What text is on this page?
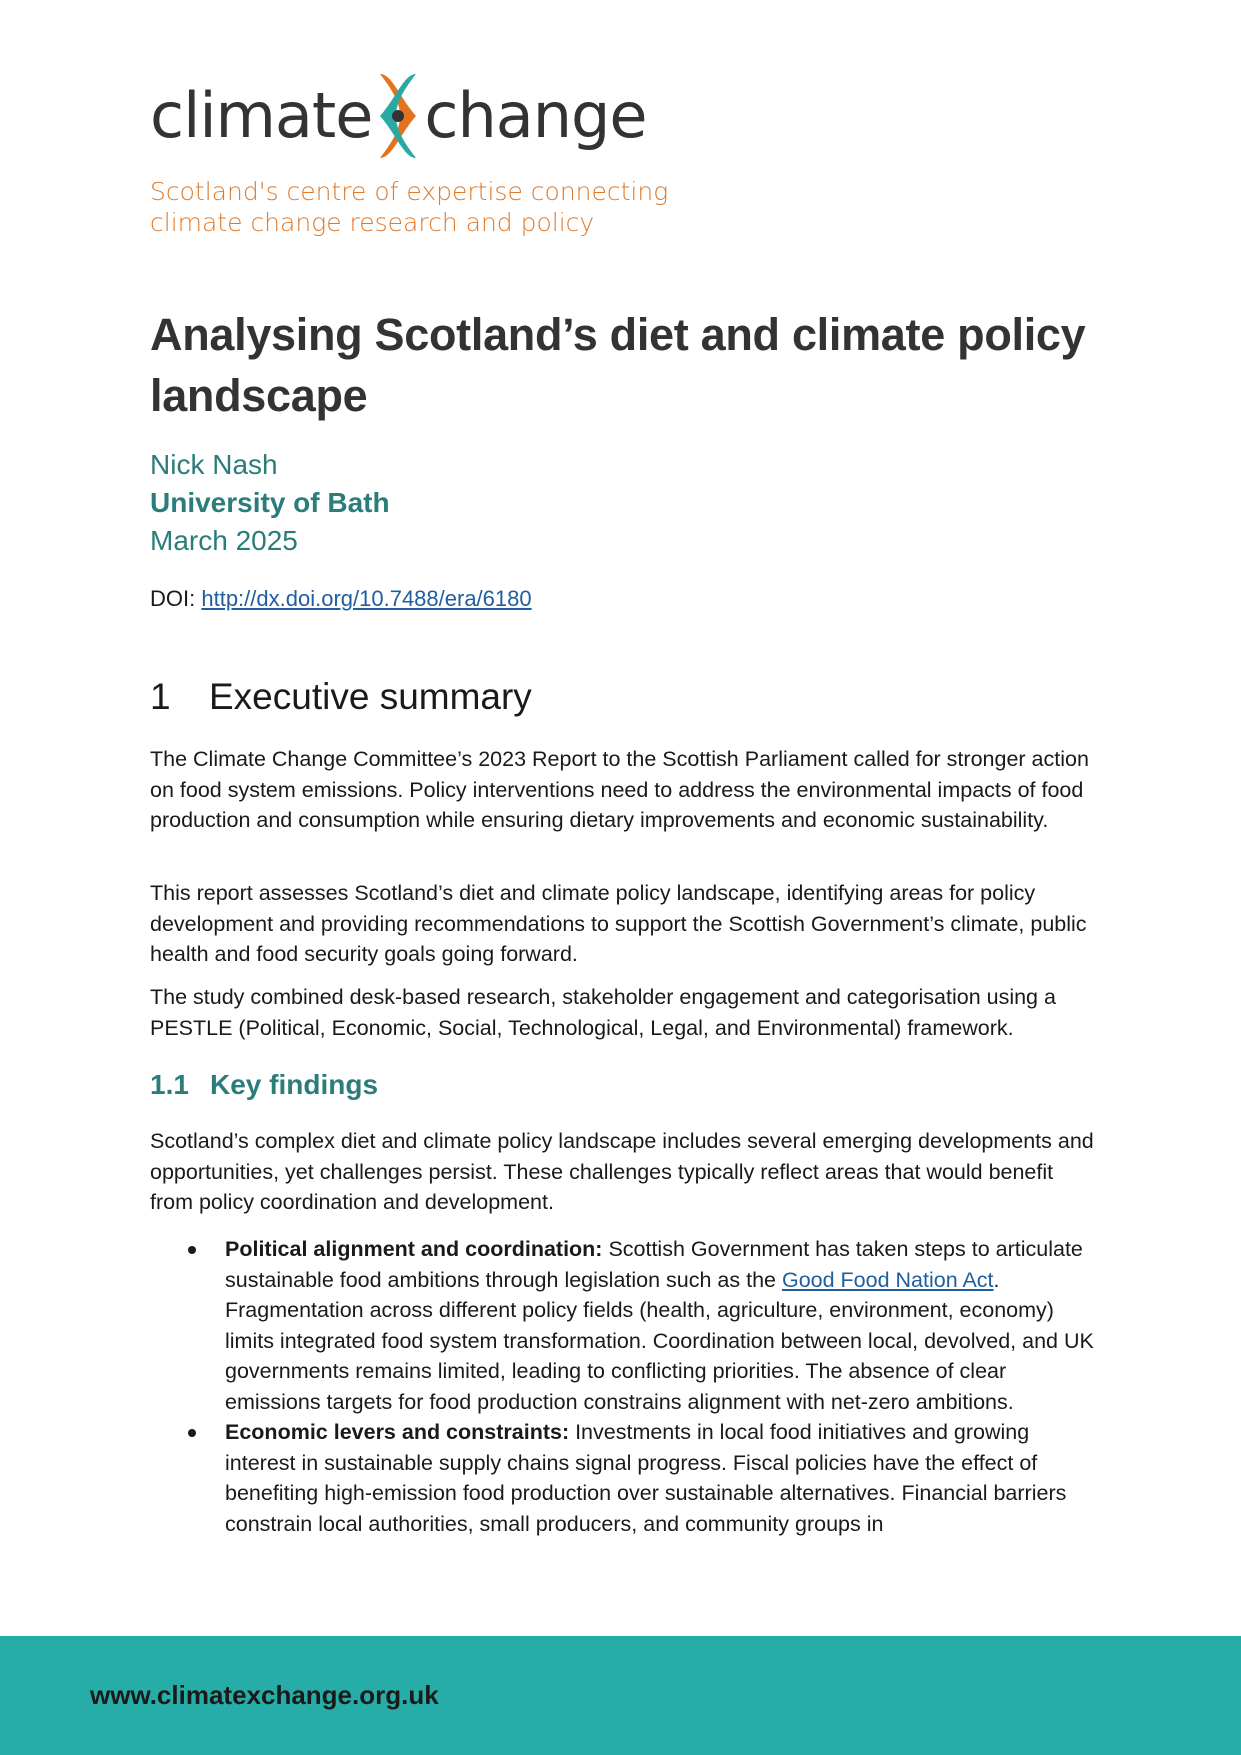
climate change
Scotland's centre of expertise connecting
climate change research and policy
Analysing Scotland’s diet and climate policy landscape
Nick Nash
University of Bath
March 2025
DOI: http://dx.doi.org/10.7488/era/6180
1 Executive summary

The Climate Change Committee’s 2023 Report to the Scottish Parliament called for stronger action on food system emissions. Policy interventions need to address the environmental impacts of food production and consumption while ensuring dietary improvements and economic sustainability.

This report assesses Scotland’s diet and climate policy landscape, identifying areas for policy development and providing recommendations to support the Scottish Government’s climate, public health and food security goals going forward.

The study combined desk-based research, stakeholder engagement and categorisation using a PESTLE (Political, Economic, Social, Technological, Legal, and Environmental) framework.

1.1 Key findings

Scotland’s complex diet and climate policy landscape includes several emerging developments and opportunities, yet challenges persist. These challenges typically reflect areas that would benefit from policy coordination and development.

Political alignment and coordination: Scottish Government has taken steps to articulate sustainable food ambitions through legislation such as the Good Food Nation Act. Fragmentation across different policy fields (health, agriculture, environment, economy) limits integrated food system transformation. Coordination between local, devolved, and UK governments remains limited, leading to conflicting priorities. The absence of clear emissions targets for food production constrains alignment with net-zero ambitions.
Economic levers and constraints: Investments in local food initiatives and growing interest in sustainable supply chains signal progress. Fiscal policies have the effect of benefiting high-emission food production over sustainable alternatives. Financial barriers constrain local authorities, small producers, and community groups in
www.climatexchange.org.uk
